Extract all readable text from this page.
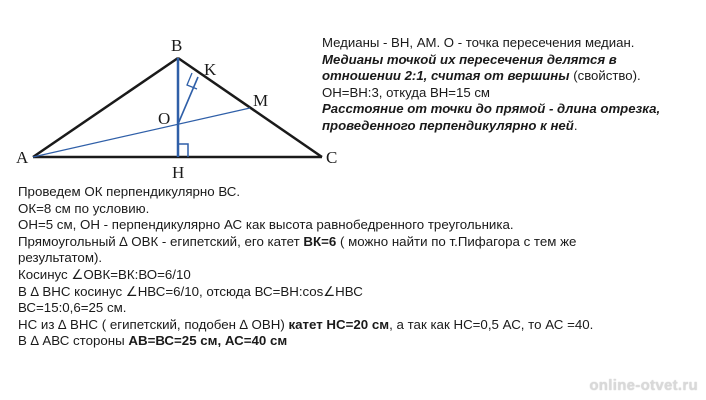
A
B
C
H
M
O
K
Медианы - ВН, АМ. О - точка пересечения медиан.
Медианы точкой их пересечения делятся в
отношении 2:1, считая от вершины (свойство).
ОН=ВН:3, откуда ВН=15 см
Расстояние от точки до прямой - длина отрезка,
проведенного перпендикулярно к ней.
Проведем ОК перпендикулярно ВС.
ОК=8 см по условию.
ОН=5 см, ОН - перпендикулярно АС как высота равнобедренного треугольника.
Прямоугольный ∆ ОВК - египетский, его катет ВК=6 ( можно найти по т.Пифагора с тем же
результатом).
Косинус ∠ОВК=ВК:ВО=6/10
В ∆ ВНС косинус ∠НВС=6/10, отсюда ВС=ВН:cos∠НВС
ВС=15:0,6=25 см.
НС из ∆ ВНС ( египетский, подобен ∆ ОВН) катет НС=20 см, а так как НС=0,5 АС, то АС =40.
В ∆ АВС стороны АВ=ВС=25 см, АС=40 см
online-otvet.ru
